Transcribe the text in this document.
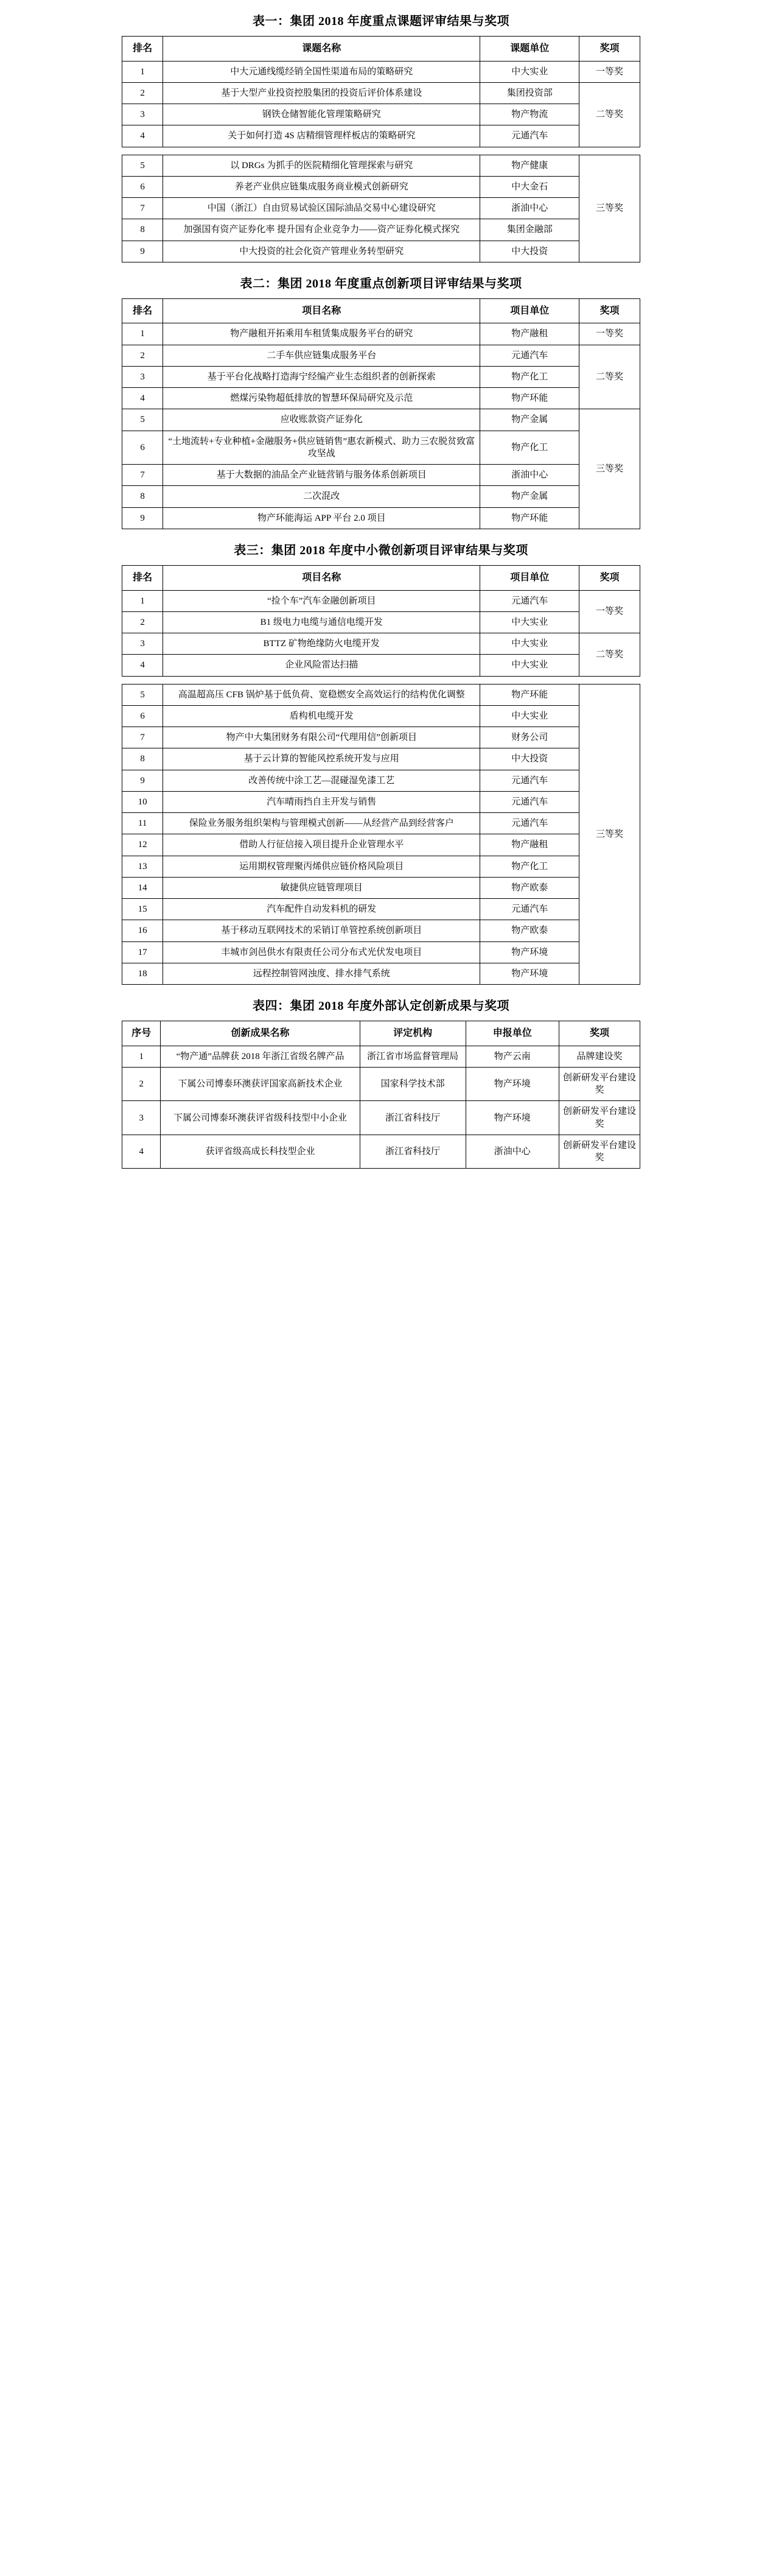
表一：集团 2018 年度重点课题评审结果与奖项
排名	课题名称	课题单位	奖项
1	中大元通线缆经销全国性渠道布局的策略研究	中大实业	一等奖
2	基于大型产业投资控股集团的投资后评价体系建设	集团投资部	二等奖
3	钢铁仓储智能化管理策略研究	物产物流	
4	关于如何打造 4S 店精细管理样板店的策略研究	元通汽车	
5	以 DRGs 为抓手的医院精细化管理探索与研究	物产健康	三等奖
6	养老产业供应链集成服务商业模式创新研究	中大金石	
7	中国（浙江）自由贸易试验区国际油品交易中心建设研究	浙油中心	
8	加强国有资产证券化率 提升国有企业竞争力——资产证券化模式探究	集团金融部	
9	中大投资的社会化资产管理业务转型研究	中大投资	
表二：集团 2018 年度重点创新项目评审结果与奖项
排名	项目名称	项目单位	奖项
1	物产融租开拓乘用车租赁集成服务平台的研究	物产融租	一等奖
2	二手车供应链集成服务平台	元通汽车	二等奖
3	基于平台化战略打造海宁经编产业生态组织者的创新探索	物产化工	
4	燃煤污染物超低排放的智慧环保局研究及示范	物产环能	
5	应收账款资产证券化	物产金属	三等奖
6	“土地流转+专业种植+金融服务+供应链销售”惠农新模式、助力三农脱贫致富攻坚战	物产化工	
7	基于大数据的油品全产业链营销与服务体系创新项目	浙油中心	
8	二次混改	物产金属	
9	物产环能海运 APP 平台 2.0 项目	物产环能	
表三：集团 2018 年度中小微创新项目评审结果与奖项
排名	项目名称	项目单位	奖项
1	“捡个车”汽车金融创新项目	元通汽车	一等奖
2	B1 级电力电缆与通信电缆开发	中大实业	
3	BTTZ 矿物绝缘防火电缆开发	中大实业	二等奖
4	企业风险雷达扫描	中大实业	
5	高温超高压 CFB 锅炉基于低负荷、宽稳燃安全高效运行的结构优化调整	物产环能	三等奖
6	盾构机电缆开发	中大实业	
7	物产中大集团财务有限公司“代理用信”创新项目	财务公司	
8	基于云计算的智能风控系统开发与应用	中大投资	
9	改善传统中涂工艺—混碰湿免漆工艺	元通汽车	
10	汽车晴雨挡自主开发与销售	元通汽车	
11	保险业务服务组织架构与管理模式创新——从经营产品到经营客户	元通汽车	
12	借助人行征信接入项目提升企业管理水平	物产融租	
13	运用期权管理聚丙烯供应链价格风险项目	物产化工	
14	敏捷供应链管理项目	物产欧泰	
15	汽车配件自动发料机的研发	元通汽车	
16	基于移动互联网技术的采销订单管控系统创新项目	物产欧泰	
17	丰城市剑邑供水有限责任公司分布式光伏发电项目	物产环境	
18	远程控制管网浊度、排水排气系统	物产环境	
表四：集团 2018 年度外部认定创新成果与奖项
序号	创新成果名称	评定机构	申报单位	奖项
1	“物产通”品牌获 2018 年浙江省级名牌产品	浙江省市场监督管理局	物产云南	品牌建设奖
2	下属公司博泰环澳获评国家高新技术企业	国家科学技术部	物产环境	创新研发平台建设奖
3	下属公司博泰环澳获评省级科技型中小企业	浙江省科技厅	物产环境	创新研发平台建设奖
4	获评省级高成长科技型企业	浙江省科技厅	浙油中心	创新研发平台建设奖
